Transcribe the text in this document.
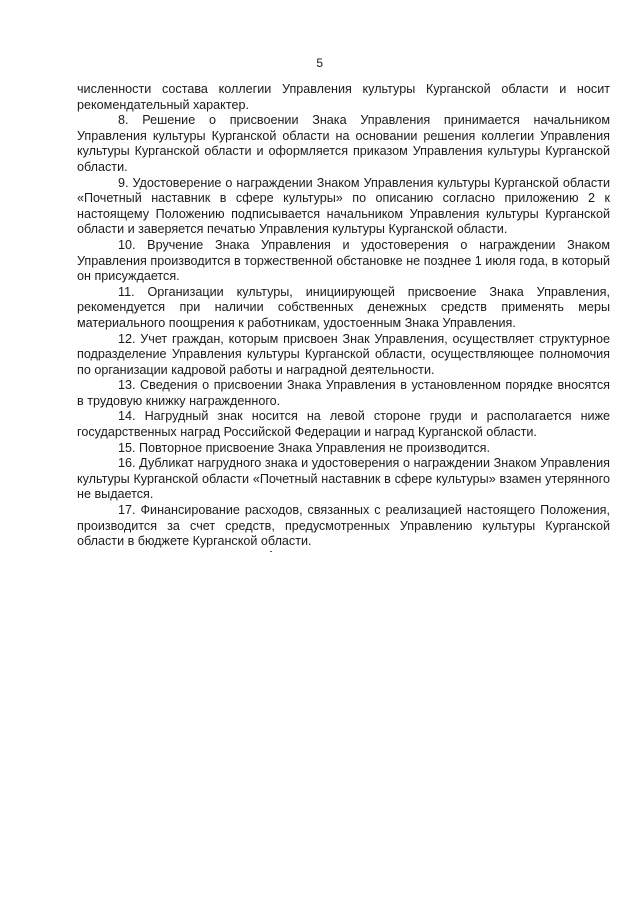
5

численности состава коллегии Управления культуры Курганской области и носит рекомендательный характер.

8. Решение о присвоении Знака Управления принимается начальником Управления культуры Курганской области на основании решения коллегии Управления культуры Курганской области и оформляется приказом Управления культуры Курганской области.

9. Удостоверение о награждении Знаком Управления культуры Курганской области «Почетный наставник в сфере культуры» по описанию согласно приложению 2 к настоящему Положению подписывается начальником Управления культуры Курганской области и заверяется печатью Управления культуры Курганской области.

10. Вручение Знака Управления и удостоверения о награждении Знаком Управления производится в торжественной обстановке не позднее 1 июля года, в который он присуждается.

11. Организации культуры, инициирующей присвоение Знака Управления, рекомендуется при наличии собственных денежных средств применять меры материального поощрения к работникам, удостоенным Знака Управления.

12. Учет граждан, которым присвоен Знак Управления, осуществляет структурное подразделение Управления культуры Курганской области, осуществляющее полномочия по организации кадровой работы и наградной деятельности.

13. Сведения о присвоении Знака Управления в установленном порядке вносятся в трудовую книжку награжденного.

14. Нагрудный знак носится на левой стороне груди и располагается ниже государственных наград Российской Федерации и наград Курганской области.

15. Повторное присвоение Знака Управления не производится.

16. Дубликат нагрудного знака и удостоверения о награждении Знаком Управления культуры Курганской области «Почетный наставник в сфере культуры» взамен утерянного не выдается.

17. Финансирование расходов, связанных с реализацией настоящего Положения, производится за счет средств, предусмотренных Управлению культуры Курганской области в бюджете Курганской области.
